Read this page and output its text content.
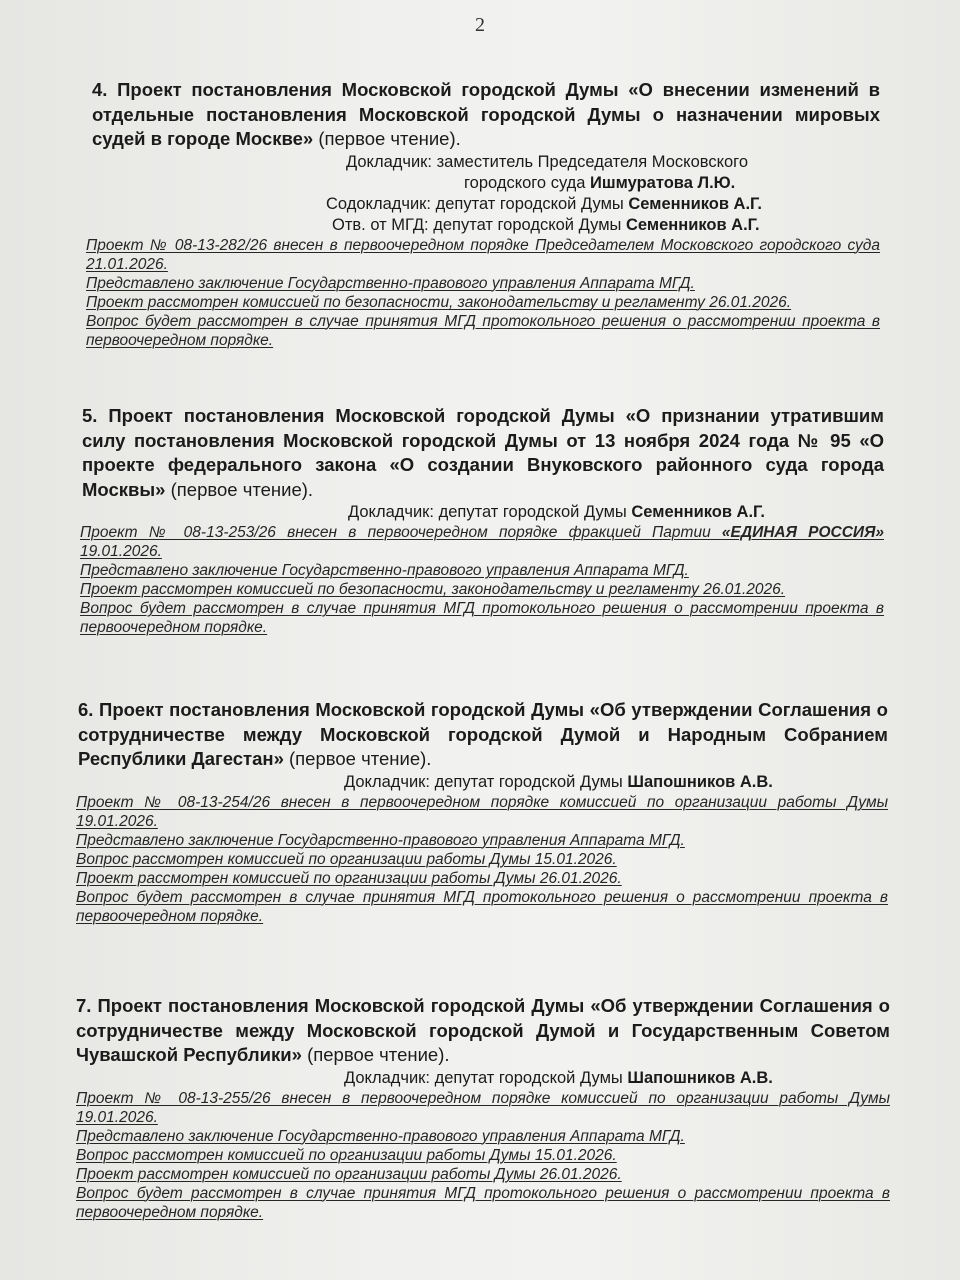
2
4. Проект постановления Московской городской Думы «О внесении изменений в отдельные постановления Московской городской Думы о назначении мировых судей в городе Москве» (первое чтение).
Докладчик: заместитель Председателя Московского
городского суда Ишмуратова Л.Ю.
Содокладчик: депутат городской Думы Семенников А.Г.
Отв. от МГД: депутат городской Думы Семенников А.Г.
Проект № 08-13-282/26 внесен в первоочередном порядке Председателем Московского городского суда 21.01.2026.
Представлено заключение Государственно-правового управления Аппарата МГД.
Проект рассмотрен комиссией по безопасности, законодательству и регламенту 26.01.2026.
Вопрос будет рассмотрен в случае принятия МГД протокольного решения о рассмотрении проекта в первоочередном порядке.
5. Проект постановления Московской городской Думы «О признании утратившим силу постановления Московской городской Думы от 13 ноября 2024 года № 95 «О проекте федерального закона «О создании Внуковского районного суда города Москвы» (первое чтение).
Докладчик: депутат городской Думы Семенников А.Г.
Проект № 08-13-253/26 внесен в первоочередном порядке фракцией Партии «ЕДИНАЯ РОССИЯ» 19.01.2026.
Представлено заключение Государственно-правового управления Аппарата МГД.
Проект рассмотрен комиссией по безопасности, законодательству и регламенту 26.01.2026.
Вопрос будет рассмотрен в случае принятия МГД протокольного решения о рассмотрении проекта в первоочередном порядке.
6. Проект постановления Московской городской Думы «Об утверждении Соглашения о сотрудничестве между Московской городской Думой и Народным Собранием Республики Дагестан» (первое чтение).
Докладчик: депутат городской Думы Шапошников А.В.
Проект № 08-13-254/26 внесен в первоочередном порядке комиссией по организации работы Думы 19.01.2026.
Представлено заключение Государственно-правового управления Аппарата МГД.
Вопрос рассмотрен комиссией по организации работы Думы 15.01.2026.
Проект рассмотрен комиссией по организации работы Думы 26.01.2026.
Вопрос будет рассмотрен в случае принятия МГД протокольного решения о рассмотрении проекта в первоочередном порядке.
7. Проект постановления Московской городской Думы «Об утверждении Соглашения о сотрудничестве между Московской городской Думой и Государственным Советом Чувашской Республики» (первое чтение).
Докладчик: депутат городской Думы Шапошников А.В.
Проект № 08-13-255/26 внесен в первоочередном порядке комиссией по организации работы Думы 19.01.2026.
Представлено заключение Государственно-правового управления Аппарата МГД.
Вопрос рассмотрен комиссией по организации работы Думы 15.01.2026.
Проект рассмотрен комиссией по организации работы Думы 26.01.2026.
Вопрос будет рассмотрен в случае принятия МГД протокольного решения о рассмотрении проекта в первоочередном порядке.
